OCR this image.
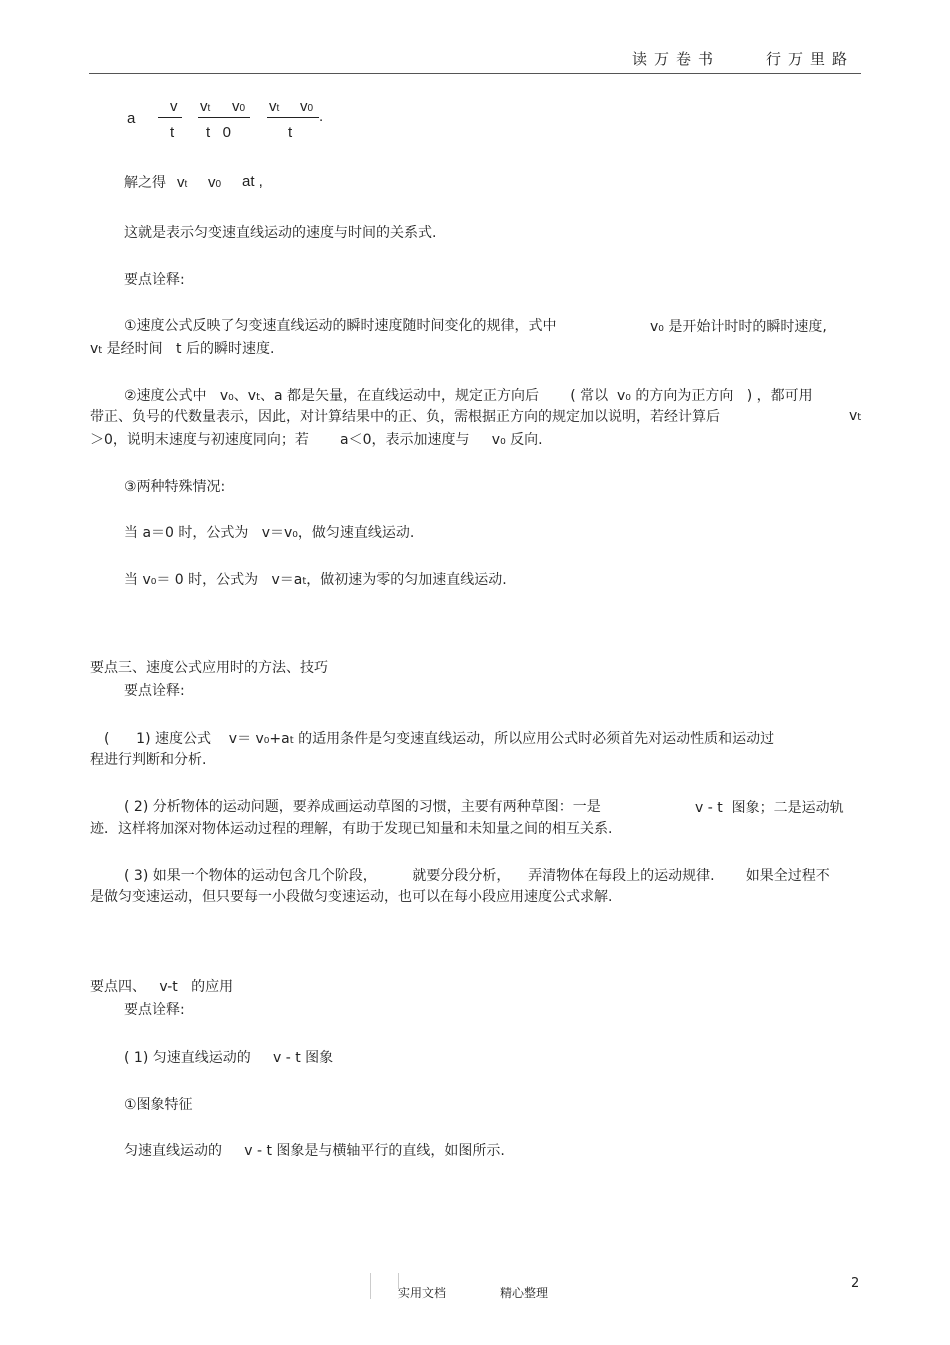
读万卷书	行万里路
a
v
t
vt v0
t   0
vt v0
t
.
解之得 vt v0 at ,
这就是表示匀变速直线运动的速度与时间的关系式.
要点诠释:
①速度公式反映了匀变速直线运动的瞬时速度随时间变化的规律，式中	v₀ 是开始计时时的瞬时速度,
vt 是经时间   t 后的瞬时速度.
②速度公式中   v₀、vt、a 都是矢量，在直线运动中，规定正方向后       ( 常以  v₀ 的方向为正方向   ) ，都可用
带正、负号的代数量表示，因此，对计算结果中的正、负，需根据正方向的规定加以说明，若经计算后	vt
＞0，说明末速度与初速度同向；若       a＜0，表示加速度与     v₀ 反向.
③两种特殊情况:
当 a＝0 时，公式为   v＝v₀，做匀速直线运动.
当 v₀＝ 0 时，公式为   v＝at，做初速为零的匀加速直线运动.
要点三、速度公式应用时的方法、技巧
要点诠释:
(      1) 速度公式    v＝ v₀+at 的适用条件是匀变速直线运动，所以应用公式时必须首先对运动性质和运动过
程进行判断和分析.
( 2) 分析物体的运动问题，要养成画运动草图的习惯，主要有两种草图：一是	v - t  图象；二是运动轨
迹．这样将加深对物体运动过程的理解，有助于发现已知量和未知量之间的相互关系.
( 3) 如果一个物体的运动包含几个阶段，        就要分段分析，    弄清物体在每段上的运动规律.       如果全过程不
是做匀变速运动，但只要每一小段做匀变速运动，也可以在每小段应用速度公式求解.
要点四、   v-t   的应用
要点诠释:
( 1) 匀速直线运动的     v - t 图象
①图象特征
匀速直线运动的     v - t 图象是与横轴平行的直线，如图所示.
2
实用文档	精心整理
